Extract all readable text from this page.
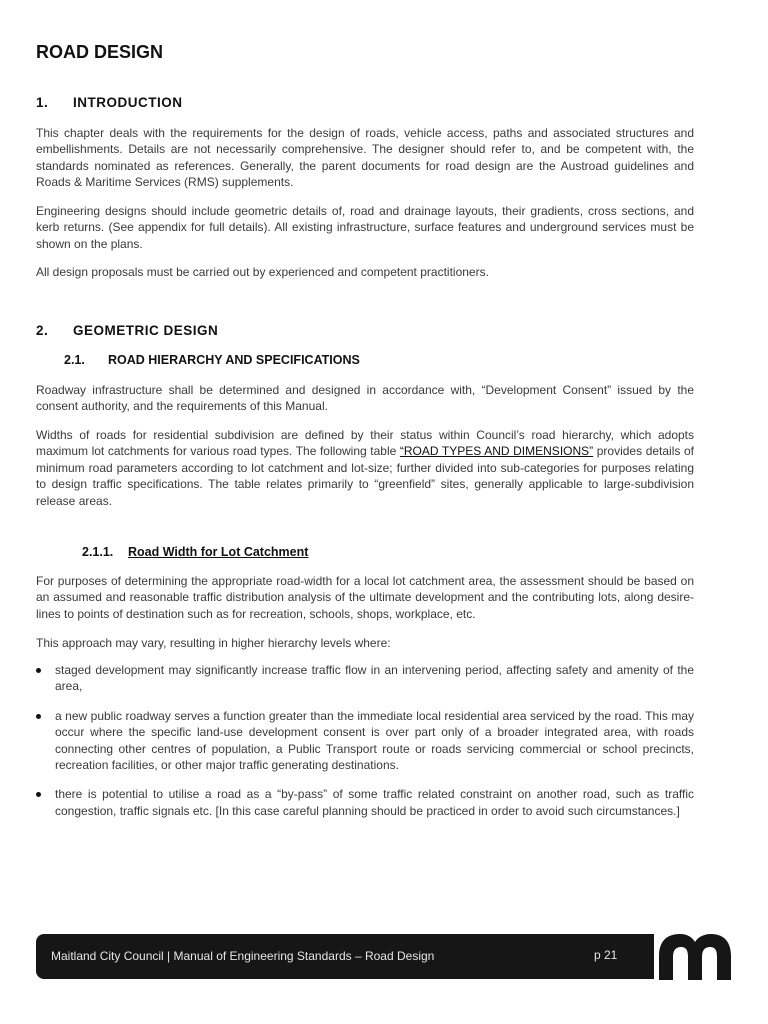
ROAD DESIGN
1. INTRODUCTION

This chapter deals with the requirements for the design of roads, vehicle access, paths and associated structures and embellishments. Details are not necessarily comprehensive. The designer should refer to, and be competent with, the standards nominated as references. Generally, the parent documents for road design are the Austroad guidelines and Roads & Maritime Services (RMS) supplements.

Engineering designs should include geometric details of, road and drainage layouts, their gradients, cross sections, and kerb returns. (See appendix for full details). All existing infrastructure, surface features and underground services must be shown on the plans.

All design proposals must be carried out by experienced and competent practitioners.

2. GEOMETRIC DESIGN
2.1. ROAD HIERARCHY AND SPECIFICATIONS

Roadway infrastructure shall be determined and designed in accordance with, “Development Consent” issued by the consent authority, and the requirements of this Manual.

Widths of roads for residential subdivision are defined by their status within Council’s road hierarchy, which adopts maximum lot catchments for various road types. The following table “ROAD TYPES AND DIMENSIONS” provides details of minimum road parameters according to lot catchment and lot-size; further divided into sub-categories for purposes relating to design traffic specifications. The table relates primarily to “greenfield” sites, generally applicable to large-subdivision release areas.

2.1.1. Road Width for Lot Catchment

For purposes of determining the appropriate road-width for a local lot catchment area, the assessment should be based on an assumed and reasonable traffic distribution analysis of the ultimate development and the contributing lots, along desire-lines to points of destination such as for recreation, schools, shops, workplace, etc.

This approach may vary, resulting in higher hierarchy levels where:

staged development may significantly increase traffic flow in an intervening period, affecting safety and amenity of the area,
a new public roadway serves a function greater than the immediate local residential area serviced by the road. This may occur where the specific land-use development consent is over part only of a broader integrated area, with roads connecting other centres of population, a Public Transport route or roads servicing commercial or school precincts, recreation facilities, or other major traffic generating destinations.
there is potential to utilise a road as a “by-pass” of some traffic related constraint on another road, such as traffic congestion, traffic signals etc. [In this case careful planning should be practiced in order to avoid such circumstances.]
Maitland City Council | Manual of Engineering Standards – Road Design	p 21
